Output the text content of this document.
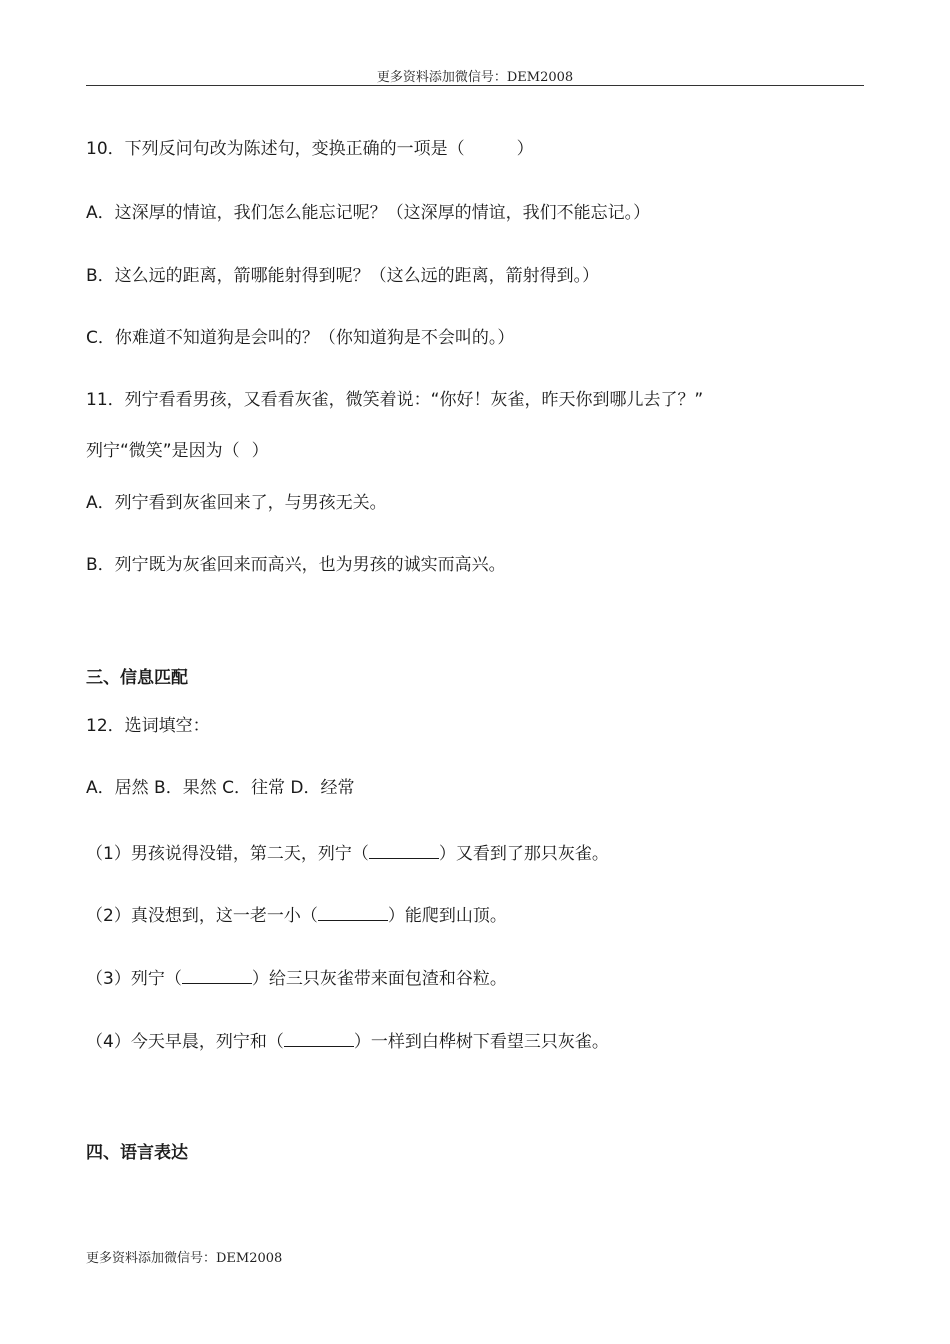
更多资料添加微信号：DEM2008
10．下列反问句改为陈述句，变换正确的一项是（	）
A．这深厚的情谊，我们怎么能忘记呢？（这深厚的情谊，我们不能忘记。）
B．这么远的距离，箭哪能射得到呢？（这么远的距离，箭射得到。）
C．你难道不知道狗是会叫的？（你知道狗是不会叫的。）
11．列宁看看男孩，又看看灰雀，微笑着说：“你好！灰雀，昨天你到哪儿去了？”
列宁“微笑”是因为（ ）
A．列宁看到灰雀回来了，与男孩无关。
B．列宁既为灰雀回来而高兴，也为男孩的诚实而高兴。
三、信息匹配
12．选词填空：
A．居然 B．果然 C．往常 D．经常
（1）男孩说得没错，第二天，列宁（	）又看到了那只灰雀。
（2）真没想到，这一老一小（	）能爬到山顶。
（3）列宁（	）给三只灰雀带来面包渣和谷粒。
（4）今天早晨，列宁和（	）一样到白桦树下看望三只灰雀。
四、语言表达
更多资料添加微信号：DEM2008
